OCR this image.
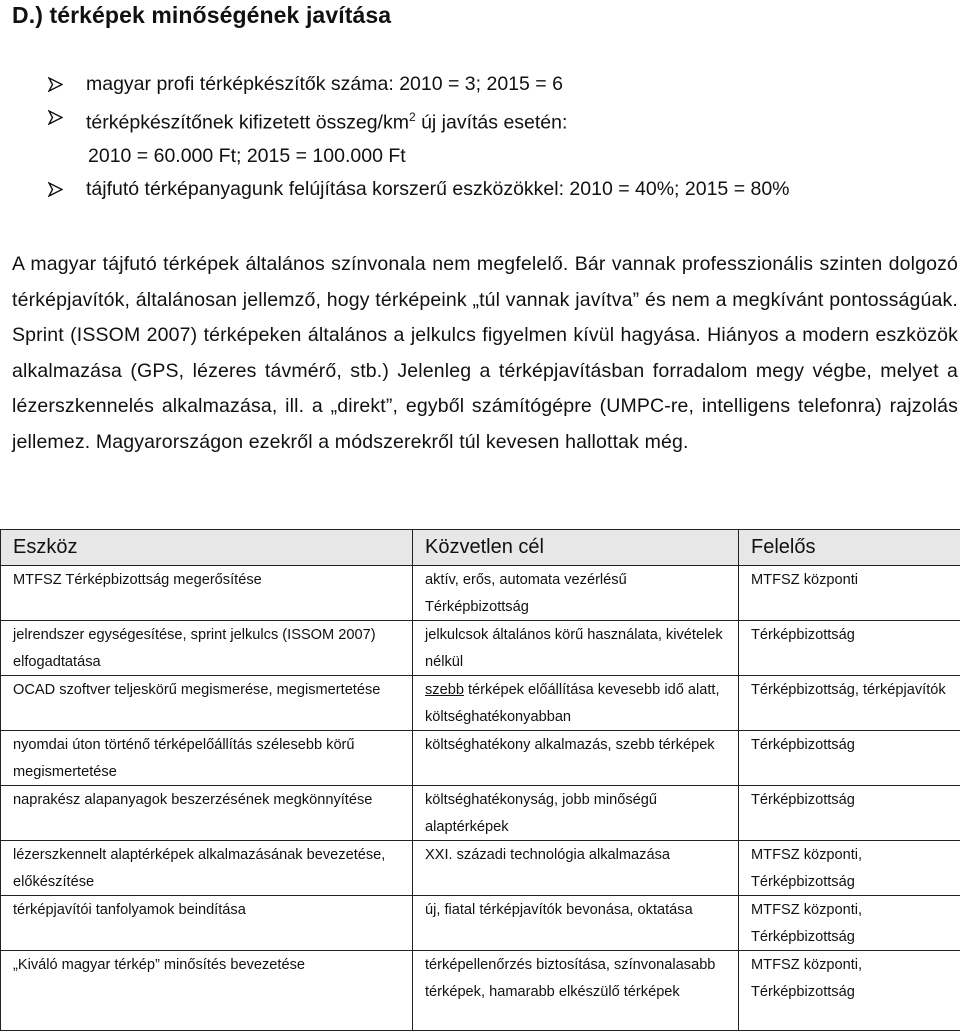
D.) térképek minőségének javítása
magyar profi térképkészítők száma: 2010 = 3; 2015 = 6
térképkészítőnek kifizetett összeg/$km^2$ új javítás esetén:
2010 = 60.000 Ft; 2015 = 100.000 Ft
tájfutó térképanyagunk felújítása korszerű eszközökkel: 2010 = 40%; 2015 = 80%
A magyar tájfutó térképek általános színvonala nem megfelelő. Bár vannak professzionális szinten dolgozó térképjavítók, általánosan jellemző, hogy térképeink „túl vannak javítva” és nem a megkívánt pontosságúak. Sprint (ISSOM 2007) térképeken általános a jelkulcs figyelmen kívül hagyása. Hiányos a modern eszközök alkalmazása (GPS, lézeres távmérő, stb.) Jelenleg a térképjavításban forradalom megy végbe, melyet a lézerszkennelés alkalmazása, ill. a „direkt”, egyből számítógépre (UMPC-re, intelligens telefonra) rajzolás jellemez. Magyarországon ezekről a módszerekről túl kevesen hallottak még.
Eszköz	Közvetlen cél	Felelős
MTFSZ Térképbizottság megerősítése	aktív, erős, automata vezérlésű Térképbizottság	MTFSZ központi
jelrendszer egységesítése, sprint jelkulcs (ISSOM 2007) elfogadtatása	jelkulcsok általános körű használata, kivételek nélkül	Térképbizottság
OCAD szoftver teljeskörű megismerése, megismertetése	szebb térképek előállítása kevesebb idő alatt, költséghatékonyabban	Térképbizottság, térképjavítók
nyomdai úton történő térképelőállítás szélesebb körű megismertetése	költséghatékony alkalmazás, szebb térképek	Térképbizottság
naprakész alapanyagok beszerzésének megkönnyítése	költséghatékonyság, jobb minőségű alaptérképek	Térképbizottság
lézerszkennelt alaptérképek alkalmazásának bevezetése, előkészítése	XXI. századi technológia alkalmazása	MTFSZ központi, Térképbizottság
térképjavítói tanfolyamok beindítása	új, fiatal térképjavítók bevonása, oktatása	MTFSZ központi, Térképbizottság
„Kiváló magyar térkép” minősítés bevezetése	térképellenőrzés biztosítása, színvonalasabb térképek, hamarabb elkészülő térképek	MTFSZ központi, Térképbizottság
